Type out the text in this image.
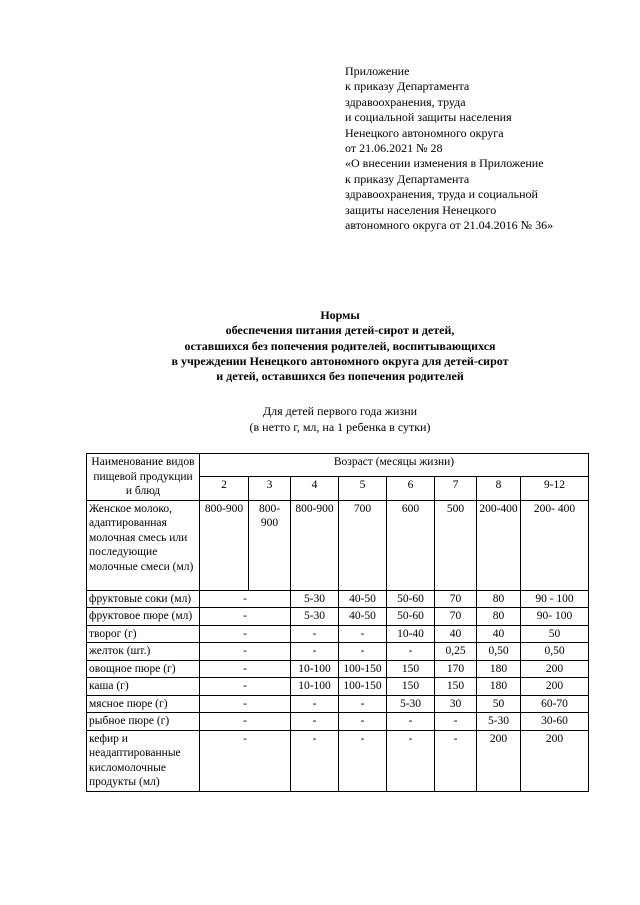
Приложение
к приказу Департамента
здравоохранения, труда
и социальной защиты населения
Ненецкого автономного округа
от 21.06.2021 № 28
«О внесении изменения в Приложение
к приказу Департамента
здравоохранения, труда и социальной
защиты населения Ненецкого
автономного округа от 21.04.2016 № 36»
Нормы
обеспечения питания детей-сирот и детей,
оставшихся без попечения родителей, воспитывающихся
в учреждении Ненецкого автономного округа для детей-сирот
и детей, оставшихся без попечения родителей
Для детей первого года жизни
(в нетто г, мл, на 1 ребенка в сутки)
Наименование видов пищевой продукции и блюд	Возраст (месяцы жизни)							
	2	3	4	5	6	7	8	9-12
Женское молоко, адаптированная молочная смесь или последующие молочные смеси (мл)	800-900	800-900	800-900	700	600	500	200-400	200- 400
фруктовые соки (мл)	-		5-30	40-50	50-60	70	80	90 - 100
фруктовое пюре (мл)	-		5-30	40-50	50-60	70	80	90- 100
творог (г)	-		-	-	10-40	40	40	50
желток (шт.)	-		-	-	-	0,25	0,50	0,50
овощное пюре (г)	-		10-100	100-150	150	170	180	200
каша (г)	-		10-100	100-150	150	150	180	200
мясное пюре (г)	-		-	-	5-30	30	50	60-70
рыбное пюре (г)	-		-	-	-	-	5-30	30-60
кефир и неадаптированные кисломолочные продукты (мл)	-		-	-	-	-	200	200
